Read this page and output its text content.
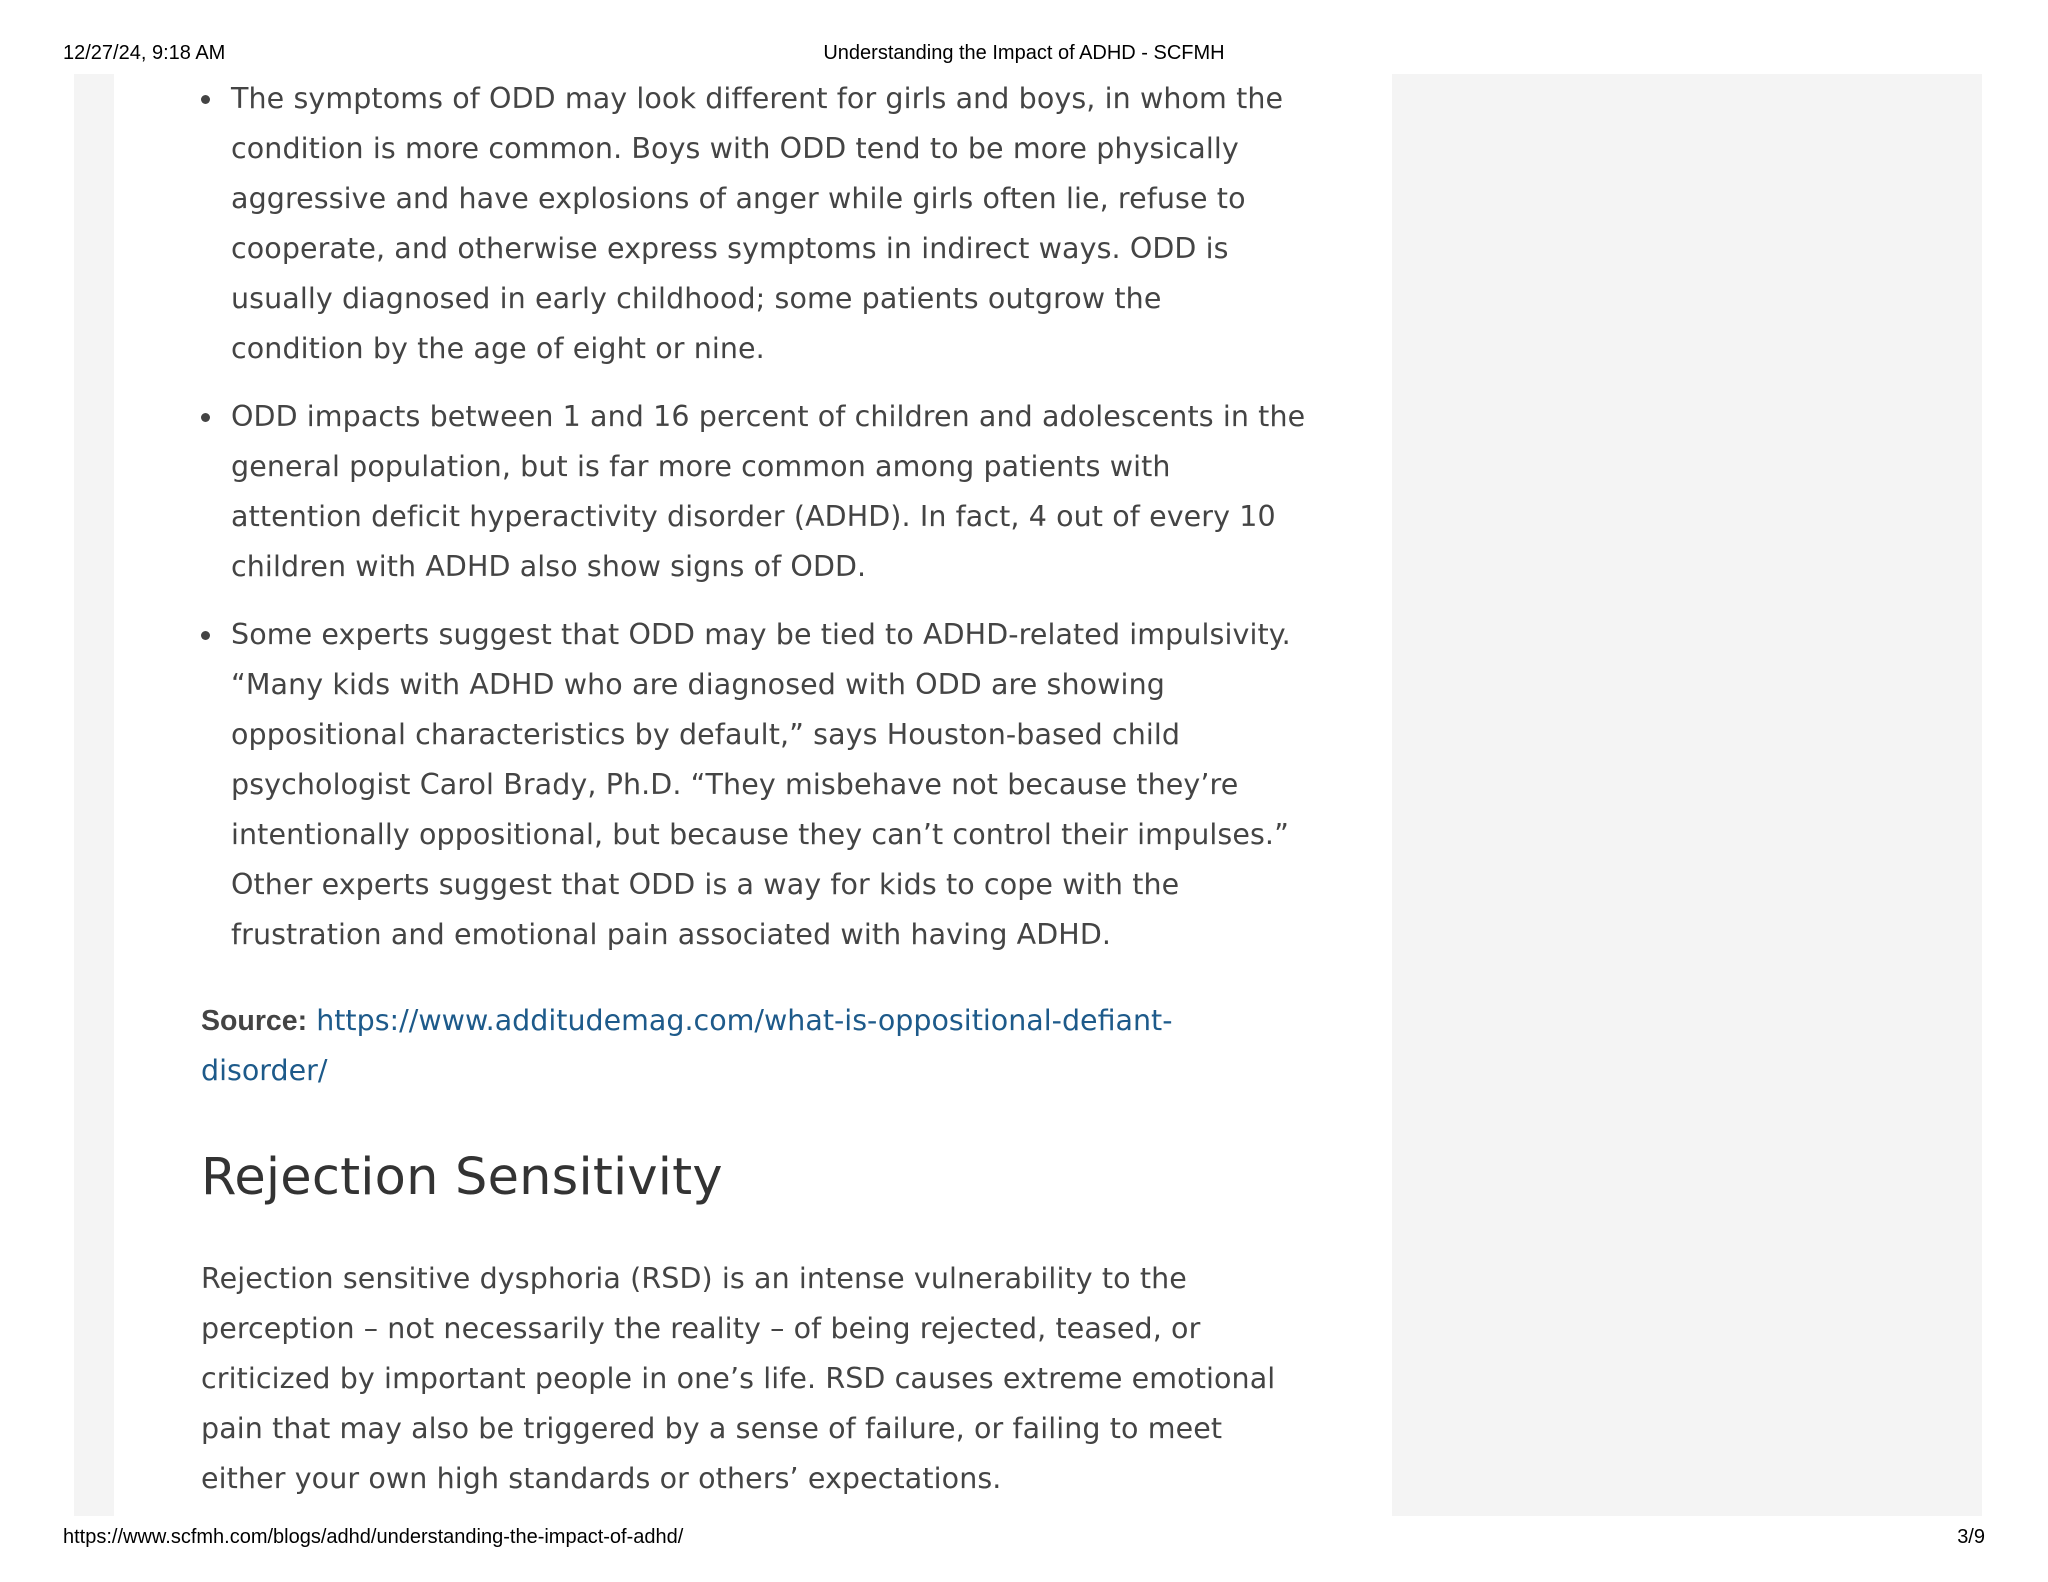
12/27/24, 9:18 AM	Understanding the Impact of ADHD - SCFMH
The symptoms of ODD may look different for girls and boys, in whom the
condition is more common. Boys with ODD tend to be more physically
aggressive and have explosions of anger while girls often lie, refuse to
cooperate, and otherwise express symptoms in indirect ways. ODD is
usually diagnosed in early childhood; some patients outgrow the
condition by the age of eight or nine.
ODD impacts between 1 and 16 percent of children and adolescents in the
general population, but is far more common among patients with
attention deficit hyperactivity disorder (ADHD). In fact, 4 out of every 10
children with ADHD also show signs of ODD.
Some experts suggest that ODD may be tied to ADHD-related impulsivity.
“Many kids with ADHD who are diagnosed with ODD are showing
oppositional characteristics by default,” says Houston-based child
psychologist Carol Brady, Ph.D. “They misbehave not because they’re
intentionally oppositional, but because they can’t control their impulses.”
Other experts suggest that ODD is a way for kids to cope with the
frustration and emotional pain associated with having ADHD.
Source: https://www.additudemag.com/what-is-oppositional-defiant-
disorder/
Rejection Sensitivity
Rejection sensitive dysphoria (RSD) is an intense vulnerability to the
perception – not necessarily the reality – of being rejected, teased, or
criticized by important people in one’s life. RSD causes extreme emotional
pain that may also be triggered by a sense of failure, or failing to meet
either your own high standards or others’ expectations.
https://www.scfmh.com/blogs/adhd/understanding-the-impact-of-adhd/	3/9
